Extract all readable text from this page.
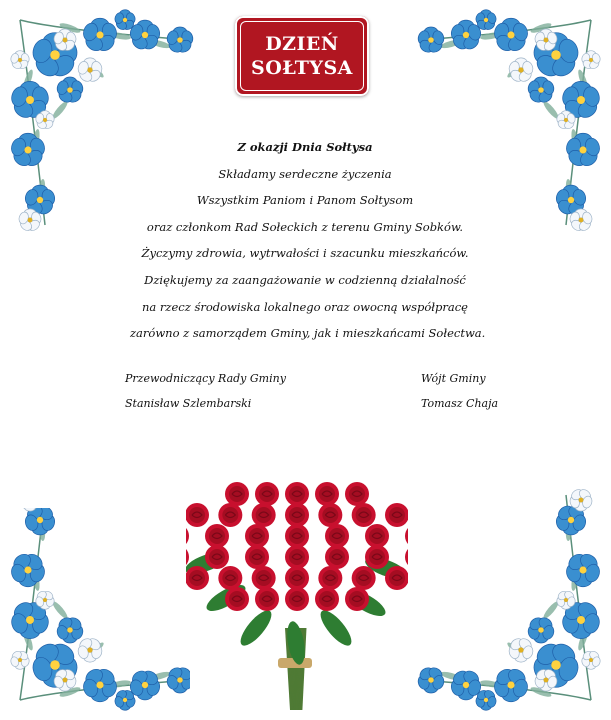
DZIEŃ
SOŁTYSA
Z okazji Dnia Sołtysa
Składamy serdeczne życzenia
Wszystkim Paniom i Panom Sołtysom
oraz członkom Rad Sołeckich z terenu Gminy Sobków.
Życzymy zdrowia, wytrwałości i szacunku mieszkańców.
Dziękujemy za zaangażowanie w codzienną działalność
na rzecz środowiska lokalnego oraz owocną współpracę
zarówno z samorządem Gminy, jak i mieszkańcami Sołectwa.
Przewodniczący Rady Gminy
Stanisław Szlembarski
Wójt Gminy
Tomasz Chaja
